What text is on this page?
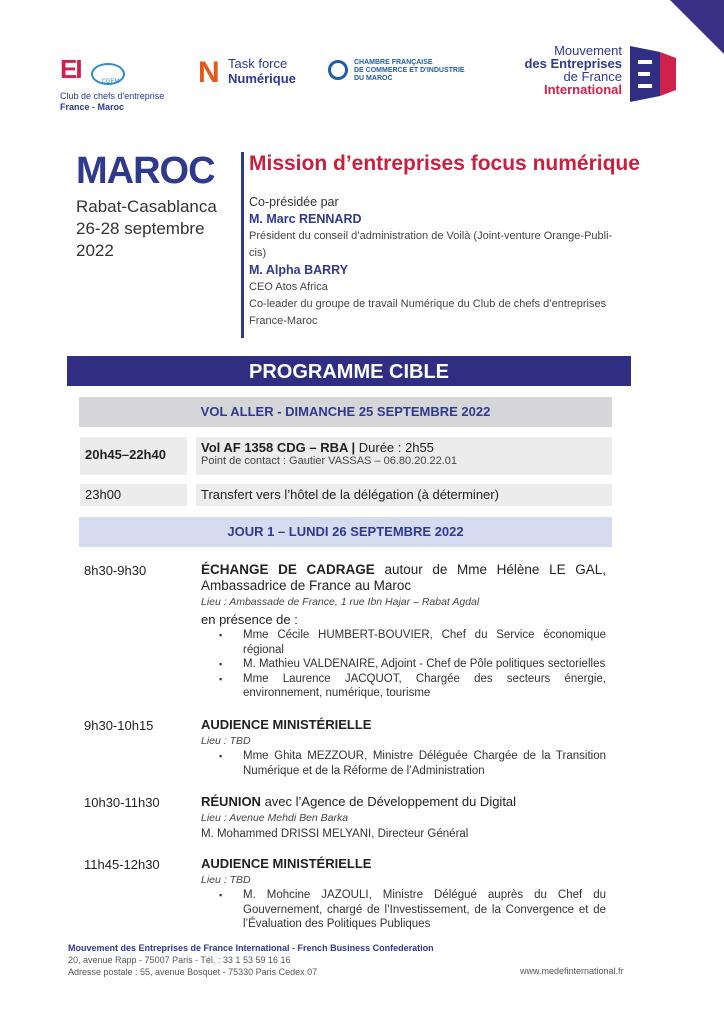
EI	CGEM
Club de chefs d'entreprise
France - Maroc
N Task force
Numérique
CHAMBRE FRANÇAISE
DE COMMERCE ET D'INDUSTRIE
DU MAROC
Mouvement
des Entreprises
de France
International
MAROC
Rabat-Casablanca
26-28 septembre
2022
Mission d’entreprises focus numérique
Co-présidée par
M. Marc RENNARD
Président du conseil d’administration de Voilà (Joint-venture Orange-Publi-cis)
M. Alpha BARRY
CEO Atos Africa
Co-leader du groupe de travail Numérique du Club de chefs d’entreprises France-Maroc
PROGRAMME CIBLE
VOL ALLER - DIMANCHE 25 SEPTEMBRE 2022
20h45–22h40	Vol AF 1358 CDG – RBA | Durée : 2h55
Point de contact : Gautier VASSAS – 06.80.20.22.01
23h00	Transfert vers l’hôtel de la délégation (à déterminer)
JOUR 1 – LUNDI 26 SEPTEMBRE 2022
8h30-9h30	ÉCHANGE DE CADRAGE autour de Mme Hélène LE GAL, Ambassadrice de France au Maroc

Lieu : Ambassade de France, 1 rue Ibn Hajar – Rabat Agdal

en présence de :

▪ Mme Cécile HUMBERT-BOUVIER, Chef du Service économique régional
▪ M. Mathieu VALDENAIRE, Adjoint - Chef de Pôle politiques sectorielles
▪ Mme Laurence JACQUOT, Chargée des secteurs énergie, environnement, numérique, tourisme
9h30-10h15	AUDIENCE MINISTÉRIELLE

Lieu : TBD

▪ Mme Ghita MEZZOUR, Ministre Déléguée Chargée de la Transition Numérique et de la Réforme de l’Administration
10h30-11h30	RÉUNION avec l’Agence de Développement du Digital

Lieu : Avenue Mehdi Ben Barka

M. Mohammed DRISSI MELYANI, Directeur Général

11h45-12h30	AUDIENCE MINISTÉRIELLE

Lieu : TBD

▪ M. Mohcine JAZOULI, Ministre Délégué auprès du Chef du Gouvernement, chargé de l’Investissement, de la Convergence et de l’Évaluation des Politiques Publiques
Mouvement des Entreprises de France International - French Business Confederation
20, avenue Rapp - 75007 Paris - Tél. : 33 1 53 59 16 16
Adresse postale : 55, avenue Bosquet - 75330 Paris Cedex 07	www.medefinternational.fr
